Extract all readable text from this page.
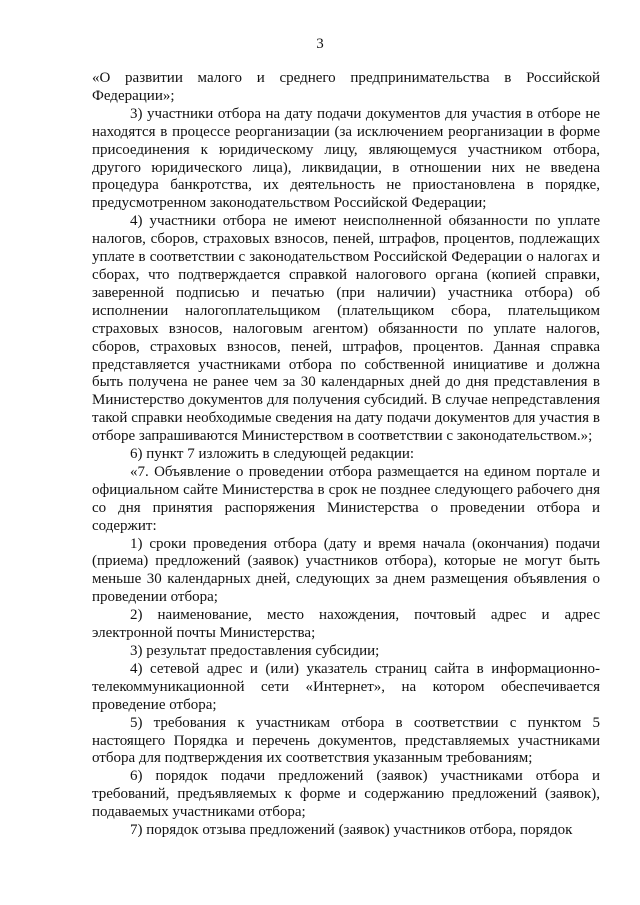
3

«О развитии малого и среднего предпринимательства в Российской Федерации»;

3) участники отбора на дату подачи документов для участия в отборе не находятся в процессе реорганизации (за исключением реорганизации в форме присоединения к юридическому лицу, являющемуся участником отбора, другого юридического лица), ликвидации, в отношении них не введена процедура банкротства, их деятельность не приостановлена в порядке, предусмотренном законодательством Российской Федерации;

4) участники отбора не имеют неисполненной обязанности по уплате налогов, сборов, страховых взносов, пеней, штрафов, процентов, подлежащих уплате в соответствии с законодательством Российской Федерации о налогах и сборах, что подтверждается справкой налогового органа (копией справки, заверенной подписью и печатью (при наличии) участника отбора) об исполнении налогоплательщиком (плательщиком сбора, плательщиком страховых взносов, налоговым агентом) обязанности по уплате налогов, сборов, страховых взносов, пеней, штрафов, процентов. Данная справка представляется участниками отбора по собственной инициативе и должна быть получена не ранее чем за 30 календарных дней до дня представления в Министерство документов для получения субсидий. В случае непредставления такой справки необходимые сведения на дату подачи документов для участия в отборе запрашиваются Министерством в соответствии с законодательством.»;

6) пункт 7 изложить в следующей редакции:

«7. Объявление о проведении отбора размещается на едином портале и официальном сайте Министерства в срок не позднее следующего рабочего дня со дня принятия распоряжения Министерства о проведении отбора и содержит:

1) сроки проведения отбора (дату и время начала (окончания) подачи (приема) предложений (заявок) участников отбора), которые не могут быть меньше 30 календарных дней, следующих за днем размещения объявления о проведении отбора;

2) наименование, место нахождения, почтовый адрес и адрес электронной почты Министерства;

3) результат предоставления субсидии;

4) сетевой адрес и (или) указатель страниц сайта в информационно-телекоммуникационной сети «Интернет», на котором обеспечивается проведение отбора;

5) требования к участникам отбора в соответствии с пунктом 5 настоящего Порядка и перечень документов, представляемых участниками отбора для подтверждения их соответствия указанным требованиям;

6) порядок подачи предложений (заявок) участниками отбора и требований, предъявляемых к форме и содержанию предложений (заявок), подаваемых участниками отбора;

7) порядок отзыва предложений (заявок) участников отбора, порядок
